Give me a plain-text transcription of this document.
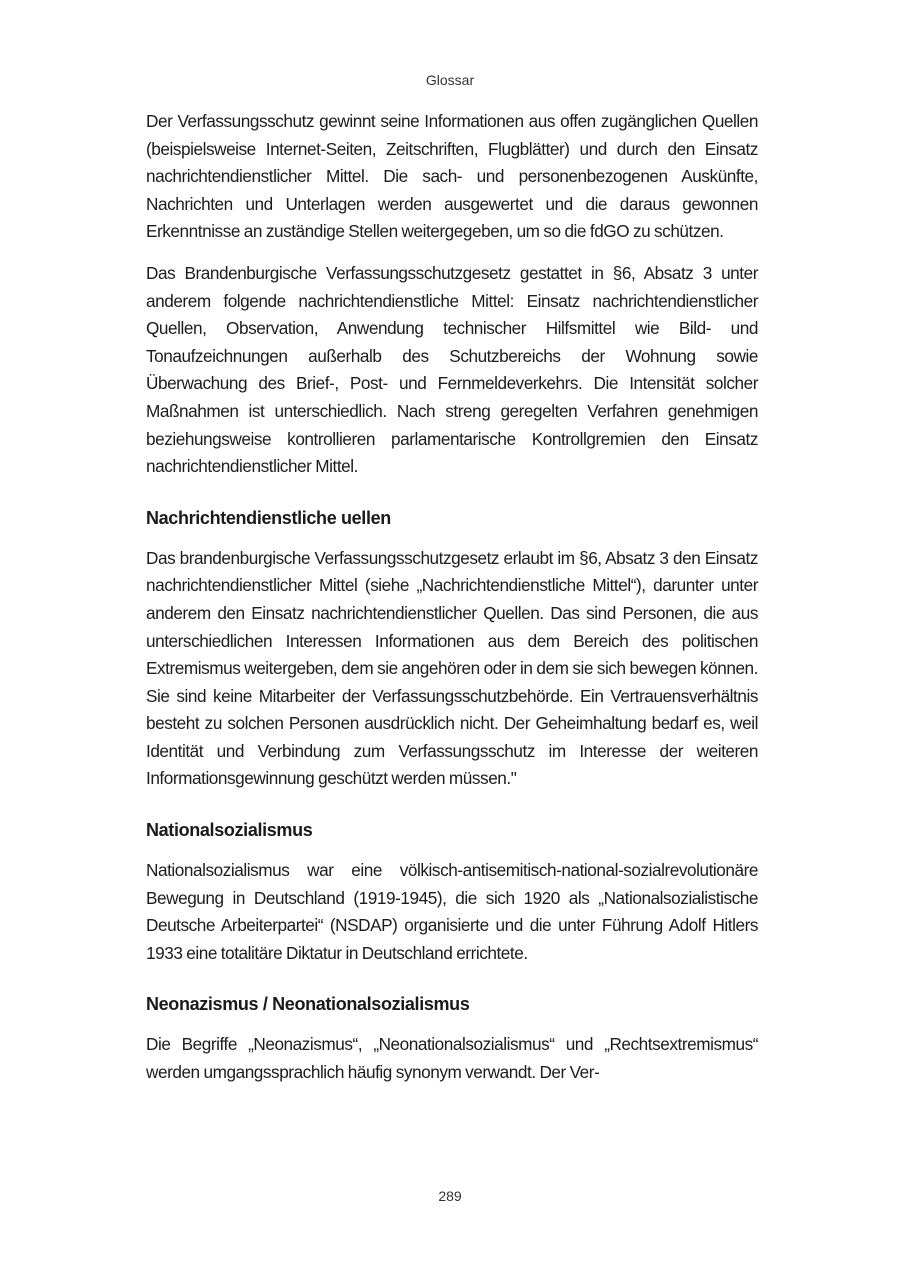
Glossar

Der Verfassungsschutz gewinnt seine Informationen aus offen zugänglichen Quellen (beispielsweise Internet-Seiten, Zeitschriften, Flugblätter) und durch den Einsatz nachrichtendienstlicher Mittel. Die sach- und personenbezogenen Auskünfte, Nachrichten und Unterlagen werden ausgewertet und die daraus gewonnen Erkenntnisse an zuständige Stellen weitergegeben, um so die fdGO zu schützen.

Das Brandenburgische Verfassungsschutzgesetz gestattet in §6, Absatz 3 unter anderem folgende nachrichtendienstliche Mittel: Einsatz nachrichtendienstlicher Quellen, Observation, Anwendung technischer Hilfsmittel wie Bild- und Tonaufzeichnungen außerhalb des Schutzbereichs der Wohnung sowie Überwachung des Brief-, Post- und Fernmeldeverkehrs. Die Intensität solcher Maßnahmen ist unterschiedlich. Nach streng geregelten Verfahren genehmigen beziehungsweise kontrollieren parlamentarische Kontrollgremien den Einsatz nachrichtendienstlicher Mittel.

Nachrichtendienstliche uellen

Das brandenburgische Verfassungsschutzgesetz erlaubt im §6, Absatz 3 den Einsatz nachrichtendienstlicher Mittel (siehe „Nachrichtendienstliche Mittel“), darunter unter anderem den Einsatz nachrichtendienstlicher Quellen. Das sind Personen, die aus unterschiedlichen Interessen Informationen aus dem Bereich des politischen Extremismus weitergeben, dem sie angehören oder in dem sie sich bewegen können. Sie sind keine Mitarbeiter der Verfassungsschutzbehörde. Ein Vertrauensverhältnis besteht zu solchen Personen ausdrücklich nicht. Der Geheimhaltung bedarf es, weil Identität und Verbindung zum Verfassungsschutz im Interesse der weiteren Informationsgewinnung geschützt werden müssen."

Nationalsozialismus

Nationalsozialismus war eine völkisch-antisemitisch-national-sozialrevolutionäre Bewegung in Deutschland (1919-1945), die sich 1920 als „Nationalsozialistische Deutsche Arbeiterpartei“ (NSDAP) organisierte und die unter Führung Adolf Hitlers 1933 eine totalitäre Diktatur in Deutschland errichtete.

Neonazismus / Neonationalsozialismus

Die Begriffe „Neonazismus“, „Neonationalsozialismus“ und „Rechtsextremismus“ werden umgangssprachlich häufig synonym verwandt. Der Ver-

289
